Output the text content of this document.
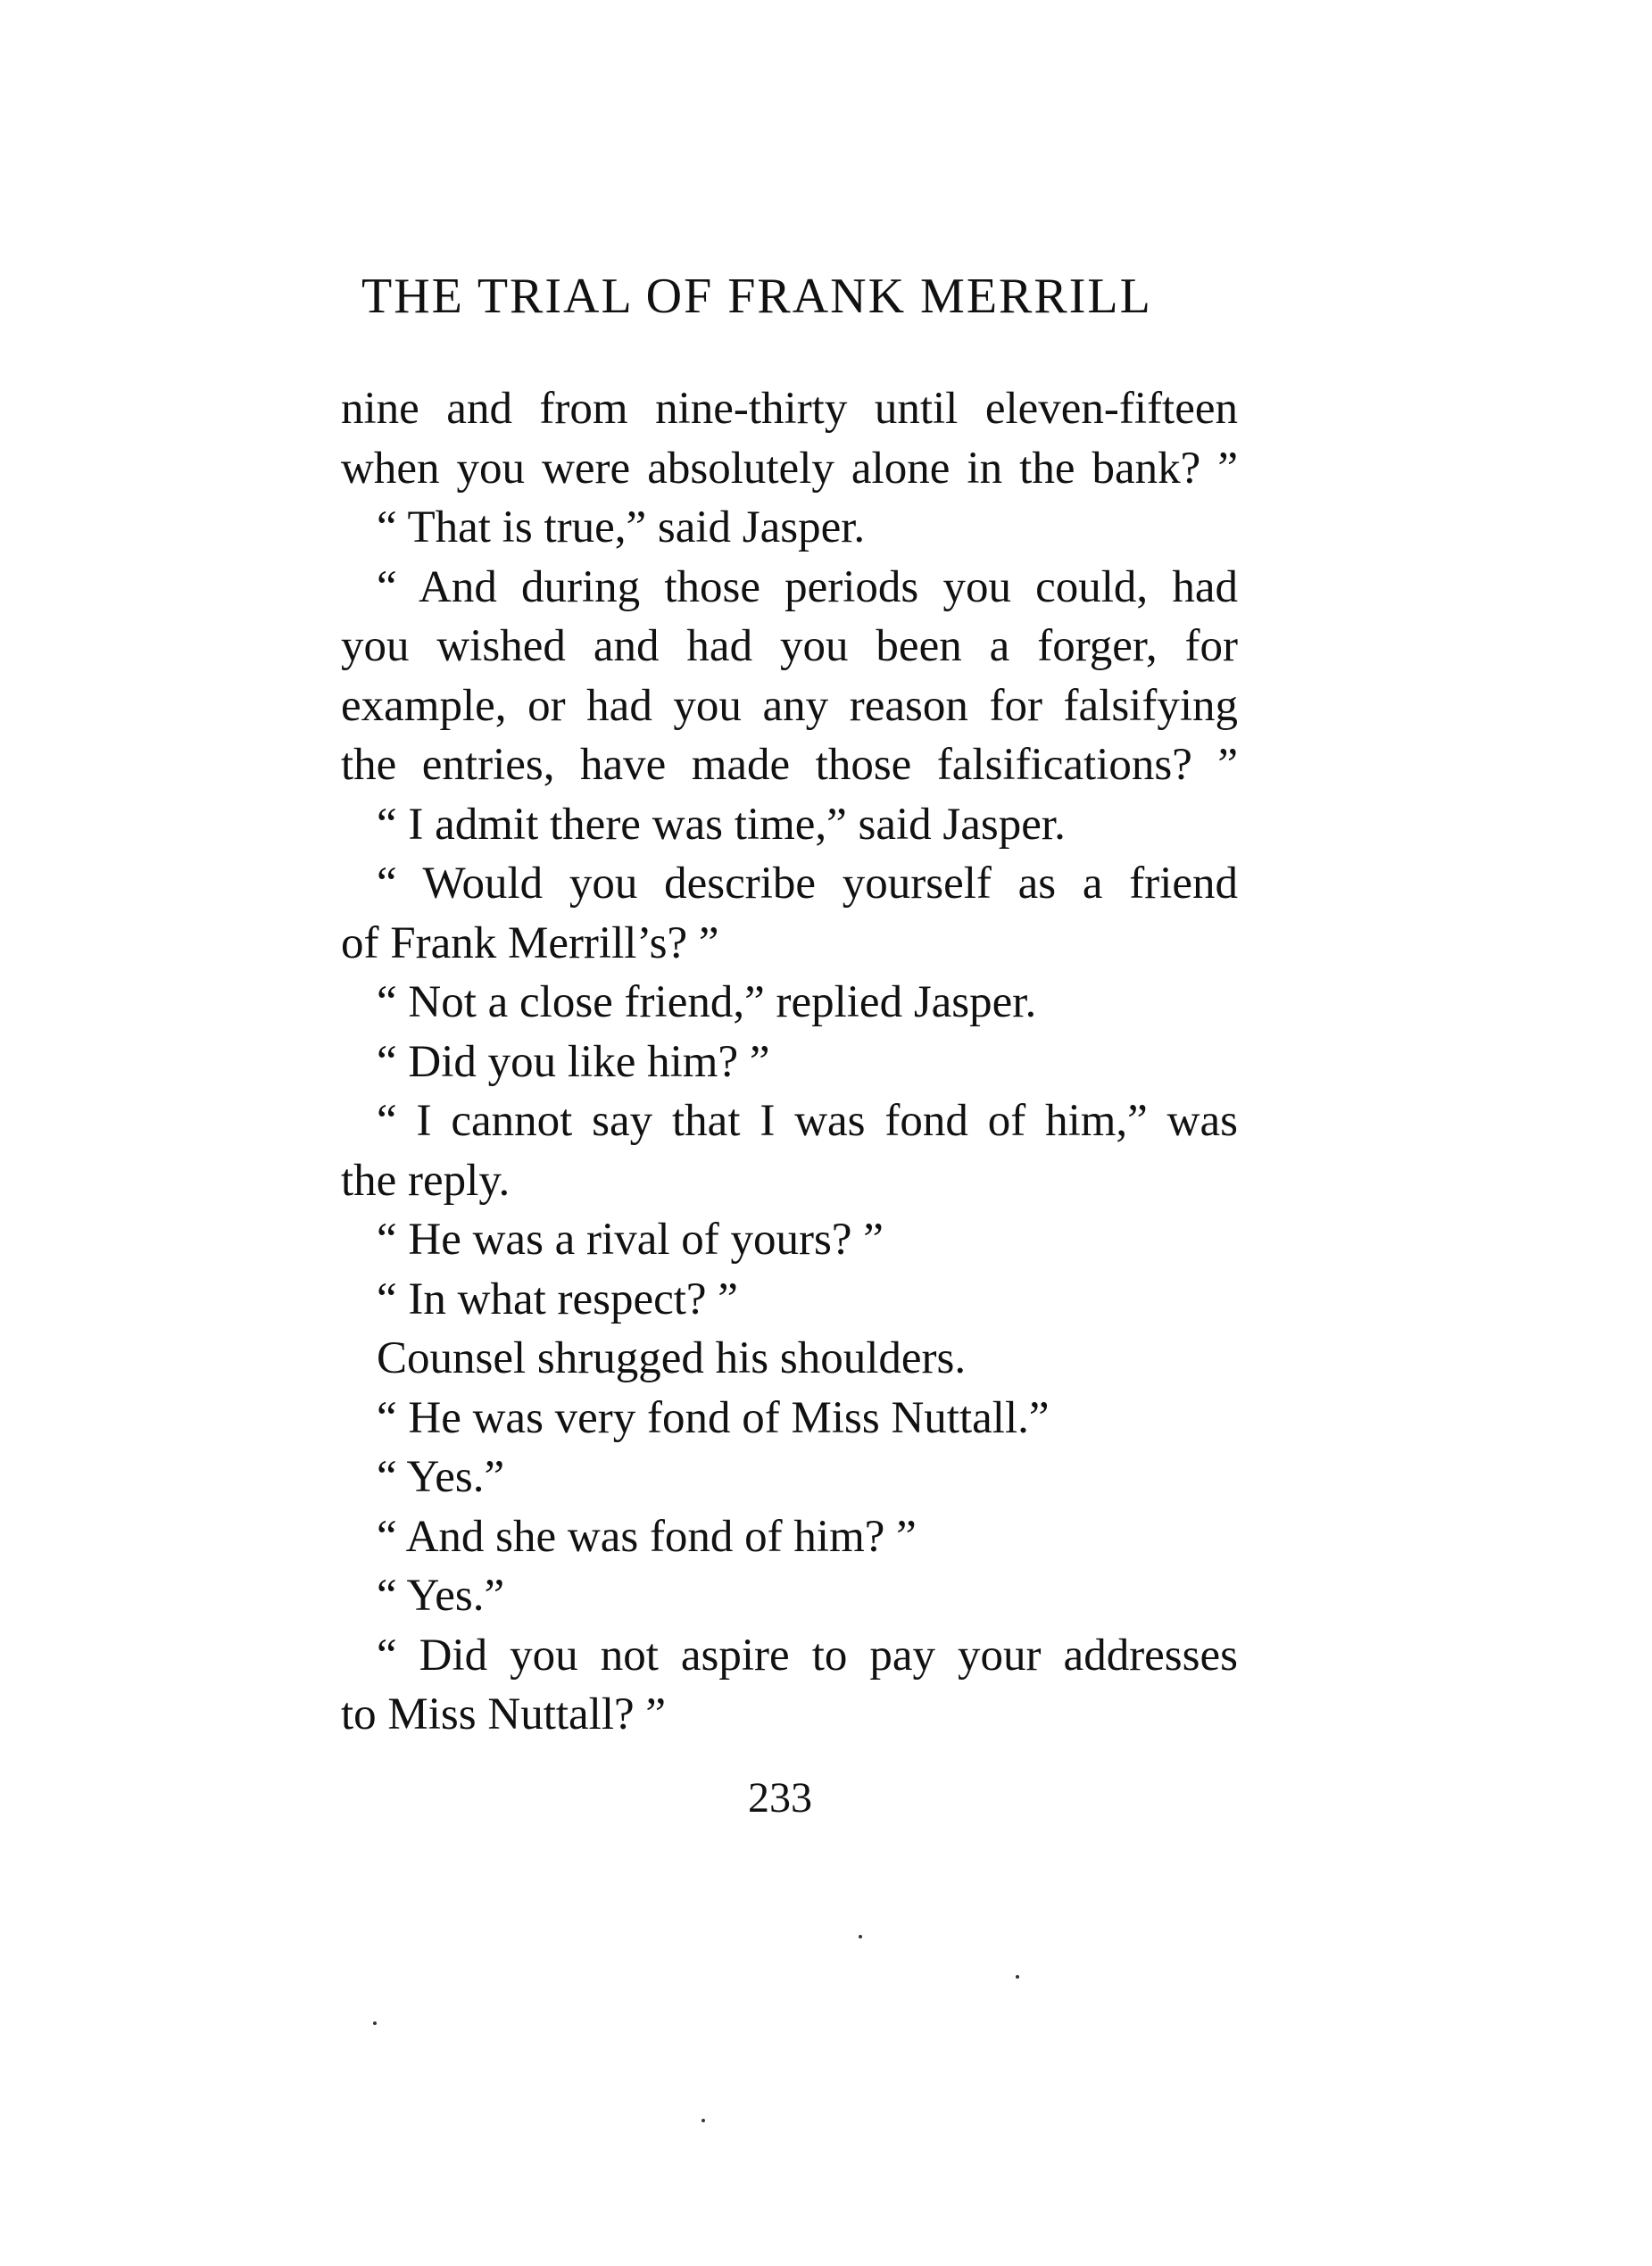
THE TRIAL OF FRANK MERRILL
nine and from nine-thirty until eleven-fifteen
when you were absolutely alone in the bank? ”
“ That is true,” said Jasper.
“ And during those periods you could, had
you wished and had you been a forger, for
example, or had you any reason for falsifying
the entries, have made those falsifications? ”
“ I admit there was time,” said Jasper.
“ Would you describe yourself as a friend
of Frank Merrill’s? ”
“ Not a close friend,” replied Jasper.
“ Did you like him? ”
“ I cannot say that I was fond of him,” was
the reply.
“ He was a rival of yours? ”
“ In what respect? ”
Counsel shrugged his shoulders.
“ He was very fond of Miss Nuttall.”
“ Yes.”
“ And she was fond of him? ”
“ Yes.”
“ Did you not aspire to pay your addresses
to Miss Nuttall? ”
233
